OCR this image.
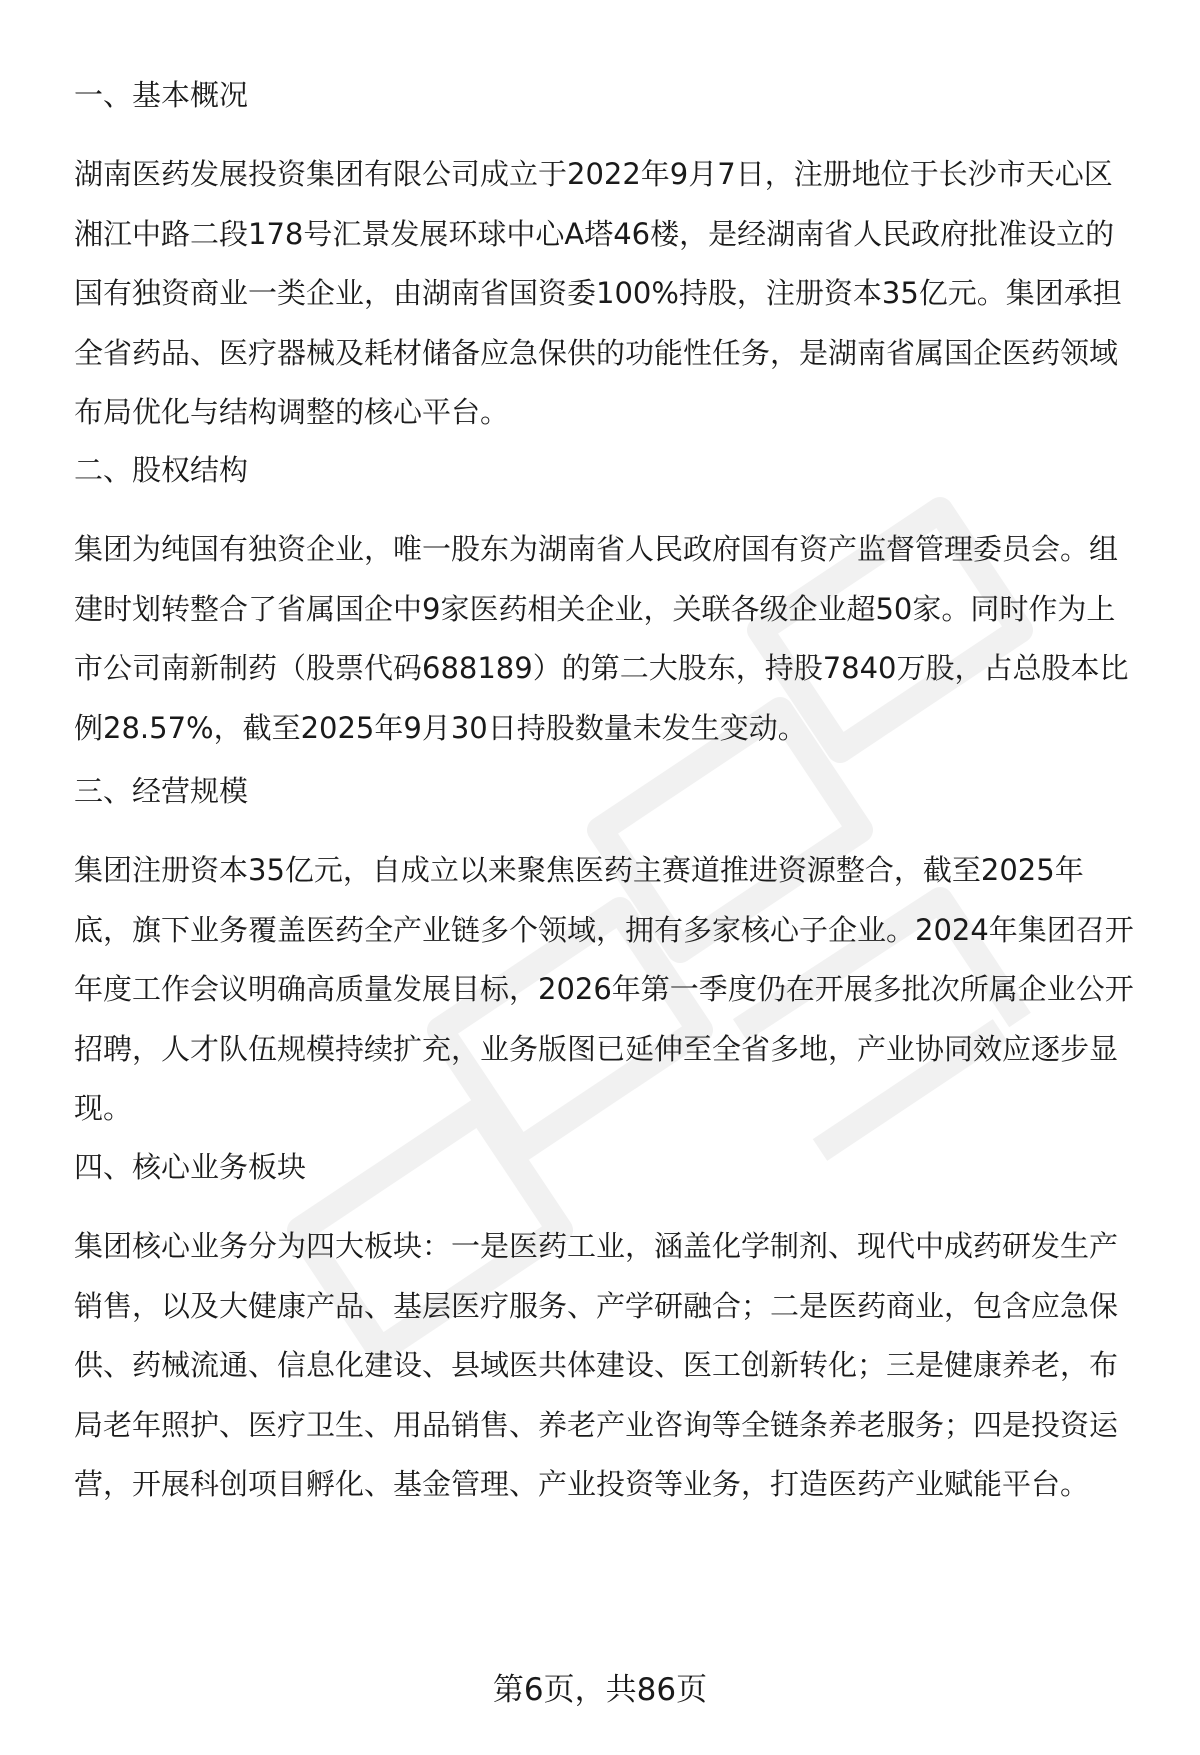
一、基本概况

湖南医药发展投资集团有限公司成立于2022年9月7日，注册地位于长沙市天心区
湘江中路二段178号汇景发展环球中心A塔46楼，是经湖南省人民政府批准设立的
国有独资商业一类企业，由湖南省国资委100%持股，注册资本35亿元。集团承担
全省药品、医疗器械及耗材储备应急保供的功能性任务，是湖南省属国企医药领域
布局优化与结构调整的核心平台。

二、股权结构

集团为纯国有独资企业，唯一股东为湖南省人民政府国有资产监督管理委员会。组
建时划转整合了省属国企中9家医药相关企业，关联各级企业超50家。同时作为上
市公司南新制药（股票代码688189）的第二大股东，持股7840万股，占总股本比
例28.57%，截至2025年9月30日持股数量未发生变动。

三、经营规模

集团注册资本35亿元，自成立以来聚焦医药主赛道推进资源整合，截至2025年
底，旗下业务覆盖医药全产业链多个领域，拥有多家核心子企业。2024年集团召开
年度工作会议明确高质量发展目标，2026年第一季度仍在开展多批次所属企业公开
招聘，人才队伍规模持续扩充，业务版图已延伸至全省多地，产业协同效应逐步显
现。

四、核心业务板块

集团核心业务分为四大板块：一是医药工业，涵盖化学制剂、现代中成药研发生产
销售，以及大健康产品、基层医疗服务、产学研融合；二是医药商业，包含应急保
供、药械流通、信息化建设、县域医共体建设、医工创新转化；三是健康养老，布
局老年照护、医疗卫生、用品销售、养老产业咨询等全链条养老服务；四是投资运
营，开展科创项目孵化、基金管理、产业投资等业务，打造医药产业赋能平台。

第6页，共86页
